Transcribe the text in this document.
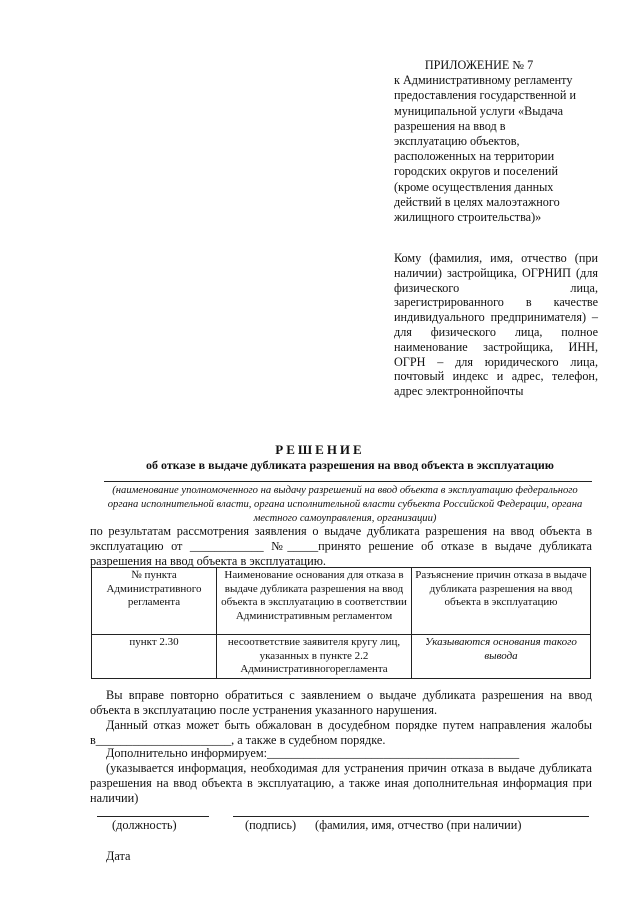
ПРИЛОЖЕНИЕ № 7
к Административному регламенту
предоставления государственной и
муниципальной услуги «Выдача
разрешения на ввод в
эксплуатацию объектов,
расположенных на территории
городских округов и поселений
(кроме осуществления данных
действий в целях малоэтажного
жилищного строительства)»
Кому (фамилия, имя, отчество (при наличии) застройщика, ОГРНИП (для физического лица, зарегистрированного в качестве индивидуального предпринимателя) – для физического лица, полное наименование застройщика, ИНН, ОГРН – для юридического лица, почтовый индекс и адрес, телефон, адрес электроннойпочты
РЕШЕНИЕ
об отказе в выдаче дубликата разрешения на ввод объекта в эксплуатацию
(наименование уполномоченного на выдачу разрешений на ввод объекта в эксплуатацию федерального органа исполнительной власти, органа исполнительной власти субъекта Российской Федерации, органа местного самоуправления, организации)
по результатам рассмотрения заявления о выдаче дубликата разрешения на ввод объекта в эксплуатацию от ____________ №_____принято решение об отказе в выдаче дубликата разрешения на ввод объекта в эксплуатацию.
№ пункта Административного регламента	Наименование основания для отказа в выдаче дубликата разрешения на ввод объекта в эксплуатацию в соответствии Административным регламентом	Разъяснение причин отказа в выдаче дубликата разрешения на ввод объекта в эксплуатацию
пункт 2.30	несоответствие заявителя кругу лиц, указанных в пункте 2.2 Административногорегламента	Указываются основания такого вывода
Вы вправе повторно обратиться с заявлением о выдаче дубликата разрешения на ввод объекта в эксплуатацию после устранения указанного нарушения.
Данный отказ может быть обжалован в досудебном порядке путем направления жалобы в______________________, а также в судебном порядке.
Дополнительно информируем:_________________________________________
(указывается информация, необходимая для устранения причин отказа в выдаче дубликата разрешения на ввод объекта в эксплуатацию, а также иная дополнительная информация при наличии)
(должность)	(подпись) (фамилия, имя, отчество (при наличии)
Дата
